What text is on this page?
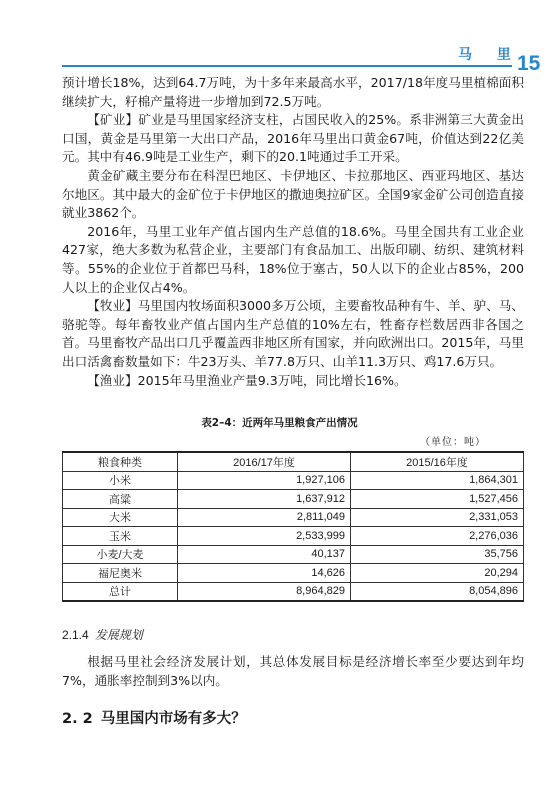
马 里
15

预计增长18%，达到64.7万吨，为十多年来最高水平，2017/18年度马里植棉面积继续扩大，籽棉产量将进一步增加到72.5万吨。

【矿业】矿业是马里国家经济支柱，占国民收入的25%。系非洲第三大黄金出口国，黄金是马里第一大出口产品，2016年马里出口黄金67吨，价值达到22亿美元。其中有46.9吨是工业生产，剩下的20.1吨通过手工开采。

黄金矿藏主要分布在科涅巴地区、卡伊地区、卡拉那地区、西亚玛地区、基达尔地区。其中最大的金矿位于卡伊地区的撒迪奥拉矿区。全国9家金矿公司创造直接就业3862个。

2016年，马里工业年产值占国内生产总值的18.6%。马里全国共有工业企业427家，绝大多数为私营企业，主要部门有食品加工、出版印刷、纺织、建筑材料等。55%的企业位于首都巴马科，18%位于塞古，50人以下的企业占85%，200人以上的企业仅占4%。

【牧业】马里国内牧场面积3000多万公顷，主要畜牧品种有牛、羊、驴、马、骆驼等。每年畜牧业产值占国内生产总值的10%左右，牲畜存栏数居西非各国之首。马里畜牧产品出口几乎覆盖西非地区所有国家，并向欧洲出口。2015年，马里出口活禽畜数量如下：牛23万头、羊77.8万只、山羊11.3万只、鸡17.6万只。

【渔业】2015年马里渔业产量9.3万吨，同比增长16%。

表2–4：近两年马里粮食产出情况
（单位：吨）
粮食种类	2016/17年度	2015/16年度
小米	1,927,106	1,864,301
高粱	1,637,912	1,527,456
大米	2,811,049	2,331,053
玉米	2,533,999	2,276,036
小麦/大麦	40,137	35,756
福尼奥米	14,626	20,294
总计	8,964,829	8,054,896
2.1.4 发展规划

根据马里社会经济发展计划，其总体发展目标是经济增长率至少要达到年均7%，通胀率控制到3%以内。

2. 2 马里国内市场有多大？
